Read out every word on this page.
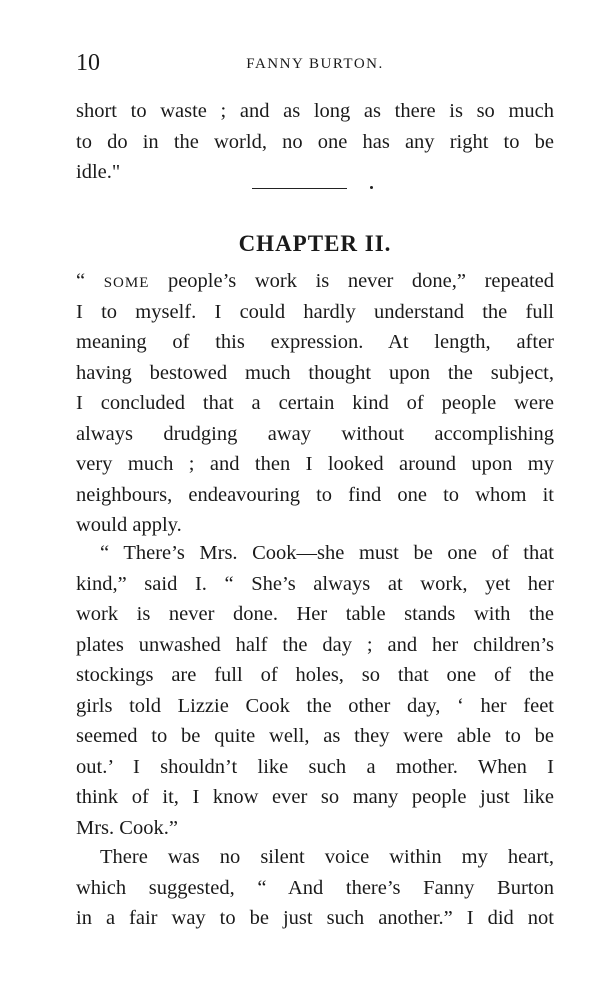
10	FANNY BURTON.
short to waste ; and as long as there is so much
to do in the world, no one has any right to be
idle."
CHAPTER II.
“ SOME people’s work is never done,” repeated
I to myself. I could hardly understand the full
meaning of this expression. At length, after
having bestowed much thought upon the subject,
I concluded that a certain kind of people were
always drudging away without accomplishing
very much ; and then I looked around upon my
neighbours, endeavouring to find one to whom it
would apply.
“ There’s Mrs. Cook—she must be one of that
kind,” said I. “ She’s always at work, yet her
work is never done. Her table stands with the
plates unwashed half the day ; and her children’s
stockings are full of holes, so that one of the
girls told Lizzie Cook the other day, ‘ her feet
seemed to be quite well, as they were able to be
out.’ I shouldn’t like such a mother. When I
think of it, I know ever so many people just like
Mrs. Cook.”
There was no silent voice within my heart,
which suggested, “ And there’s Fanny Burton
in a fair way to be just such another.” I did not
